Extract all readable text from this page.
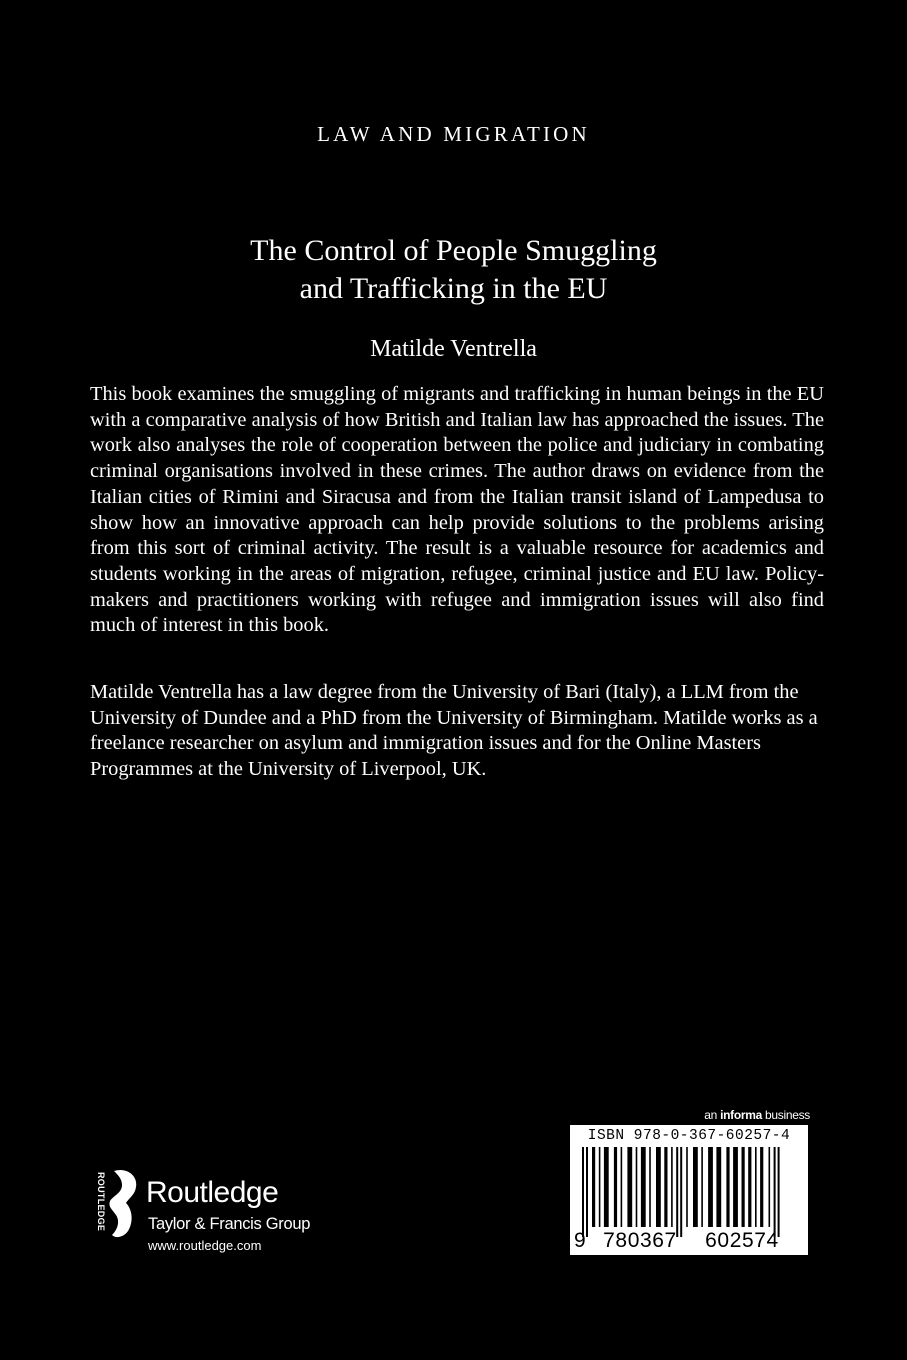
LAW AND MIGRATION
The Control of People Smuggling
and Trafficking in the EU
Matilde Ventrella

This book examines the smuggling of migrants and trafficking in human beings in the EU with a comparative analysis of how British and Italian law has approached the issues. The work also analyses the role of cooperation between the police and judiciary in combating criminal organisations involved in these crimes. The author draws on evidence from the Italian cities of Rimini and Siracusa and from the Italian transit island of Lampedusa to show how an innovative approach can help provide solutions to the problems arising from this sort of criminal activity. The result is a valuable resource for academics and students working in the areas of migration, refugee, criminal justice and EU law. Policy-makers and practitioners working with refugee and immigration issues will also find much of interest in this book.

Matilde Ventrella has a law degree from the University of Bari (Italy), a LLM from the University of Dundee and a PhD from the University of Birmingham. Matilde works as a freelance researcher on asylum and immigration issues and for the Online Masters Programmes at the University of Liverpool, UK.

an informa business
ISBN 978-0-367-60257-4
9 780367	602574
ROUTLEDGE Routledge
Taylor & Francis Group
www.routledge.com
